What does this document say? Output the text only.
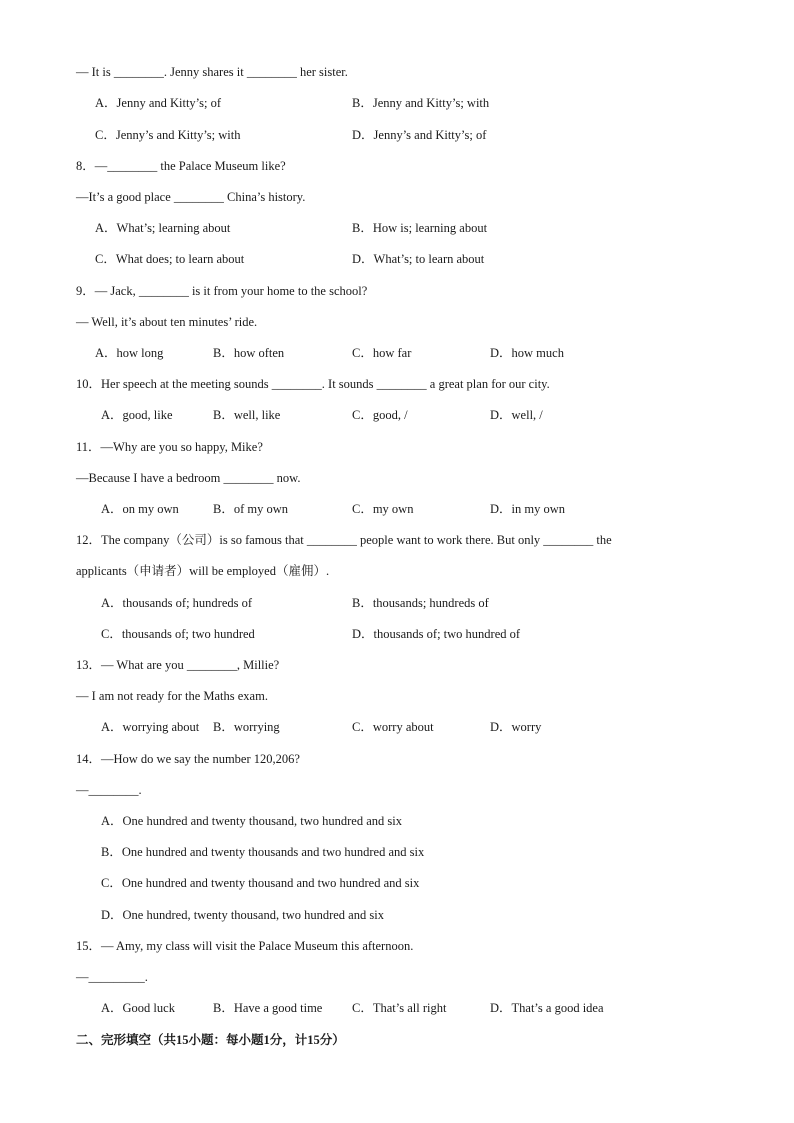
— It is ________. Jenny shares it ________ her sister.
A．Jenny and Kitty’s; of	B．Jenny and Kitty’s; with
C．Jenny’s and Kitty’s; with	D．Jenny’s and Kitty’s; of
8．—________ the Palace Museum like?
—It’s a good place ________ China’s history.
A．What’s; learning about	B．How is; learning about
C．What does; to learn about	D．What’s; to learn about
9．— Jack, ________ is it from your home to the school?
— Well, it’s about ten minutes’ ride.
A．how long	B．how often	C．how far	D．how much
10．Her speech at the meeting sounds ________. It sounds ________ a great plan for our city.
A．good, like	B．well, like	C．good, /	D．well, /
11．—Why are you so happy, Mike?
—Because I have a bedroom ________ now.
A．on my own	B．of my own	C．my own	D．in my own
12．The company（公司）is so famous that ________ people want to work there. But only ________ the
applicants（申请者）will be employed（雇佣）.
A．thousands of; hundreds of	B．thousands; hundreds of
C．thousands of; two hundred	D．thousands of; two hundred of
13．— What are you ________, Millie?
— I am not ready for the Maths exam.
A．worrying about B．worrying	C．worry about	D．worry
14．—How do we say the number 120,206?
—________.
A．One hundred and twenty thousand, two hundred and six
B．One hundred and twenty thousands and two hundred and six
C．One hundred and twenty thousand and two hundred and six
D．One hundred, twenty thousand, two hundred and six
15．— Amy, my class will visit the Palace Museum this afternoon.
—_________.
A．Good luck	B．Have a good time C．That’s all right	D．That’s a good idea
二、完形填空（共15小题：每小题1分，计15分）
